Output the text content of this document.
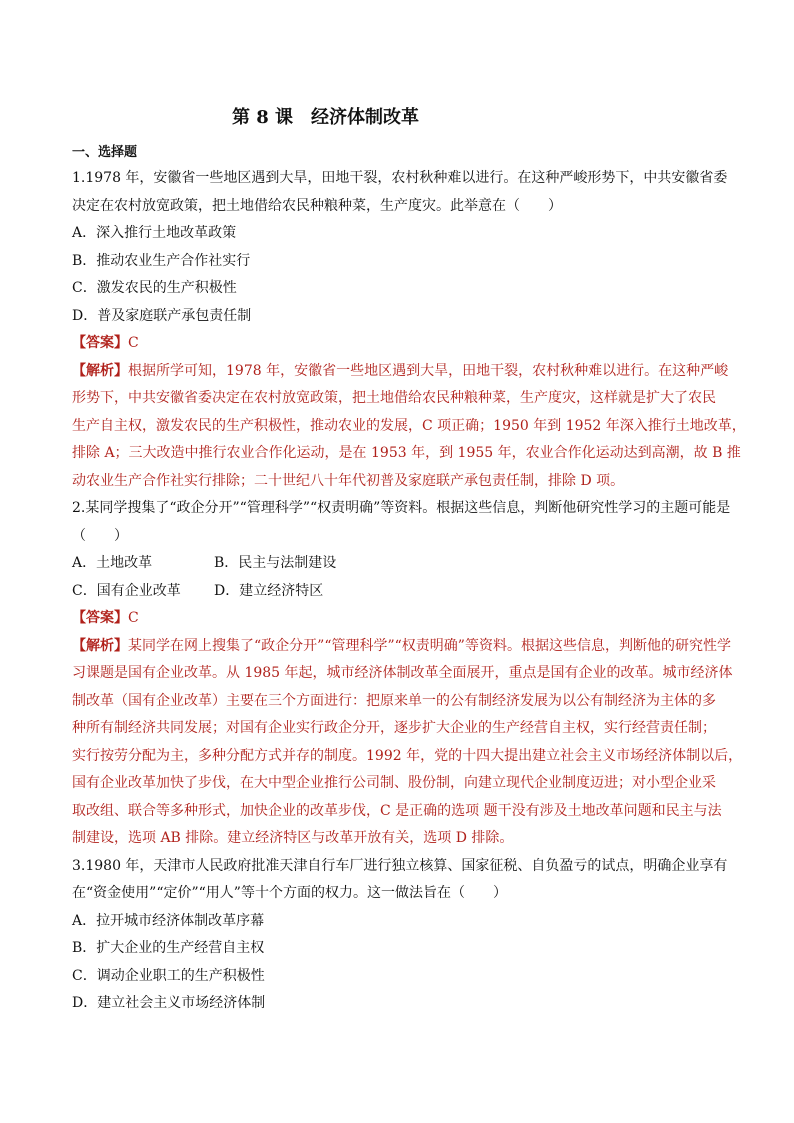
第 8 课　经济体制改革
一、选择题
1.1978 年，安徽省一些地区遇到大旱，田地干裂，农村秋种难以进行。在这种严峻形势下，中共安徽省委
决定在农村放宽政策，把土地借给农民种粮种菜，生产度灾。此举意在（　　）
A．深入推行土地改革政策
B．推动农业生产合作社实行
C．激发农民的生产积极性
D．普及家庭联产承包责任制
【答案】C
【解析】根据所学可知，1978 年，安徽省一些地区遇到大旱，田地干裂，农村秋种难以进行。在这种严峻
形势下，中共安徽省委决定在农村放宽政策，把土地借给农民种粮种菜，生产度灾，这样就是扩大了农民
生产自主权，激发农民的生产积极性，推动农业的发展，C 项正确；1950 年到 1952 年深入推行土地改革，
排除 A；三大改造中推行农业合作化运动，是在 1953 年，到 1955 年，农业合作化运动达到高潮，故 B 推
动农业生产合作社实行排除；二十世纪八十年代初普及家庭联产承包责任制，排除 D 项。
2.某同学搜集了“政企分开”“管理科学”“权责明确”等资料。根据这些信息，判断他研究性学习的主题可能是
（　　）
A．土地改革	B．民主与法制建设
C．国有企业改革	D．建立经济特区
【答案】C
【解析】某同学在网上搜集了“政企分开”“管理科学”“权责明确”等资料。根据这些信息，判断他的研究性学
习课题是国有企业改革。从 1985 年起，城市经济体制改革全面展开，重点是国有企业的改革。城市经济体
制改革（国有企业改革）主要在三个方面进行：把原来单一的公有制经济发展为以公有制经济为主体的多
种所有制经济共同发展；对国有企业实行政企分开，逐步扩大企业的生产经营自主权，实行经营责任制；
实行按劳分配为主，多种分配方式并存的制度。1992 年，党的十四大提出建立社会主义市场经济体制以后，
国有企业改革加快了步伐，在大中型企业推行公司制、股份制，向建立现代企业制度迈进；对小型企业采
取改组、联合等多种形式，加快企业的改革步伐，C 是正确的选项 题干没有涉及土地改革问题和民主与法
制建设，选项 AB 排除。建立经济特区与改革开放有关，选项 D 排除。
3.1980 年，天津市人民政府批准天津自行车厂进行独立核算、国家征税、自负盈亏的试点，明确企业享有
在“资金使用”“定价”“用人”等十个方面的权力。这一做法旨在（　　）
A．拉开城市经济体制改革序幕
B．扩大企业的生产经营自主权
C．调动企业职工的生产积极性
D．建立社会主义市场经济体制
